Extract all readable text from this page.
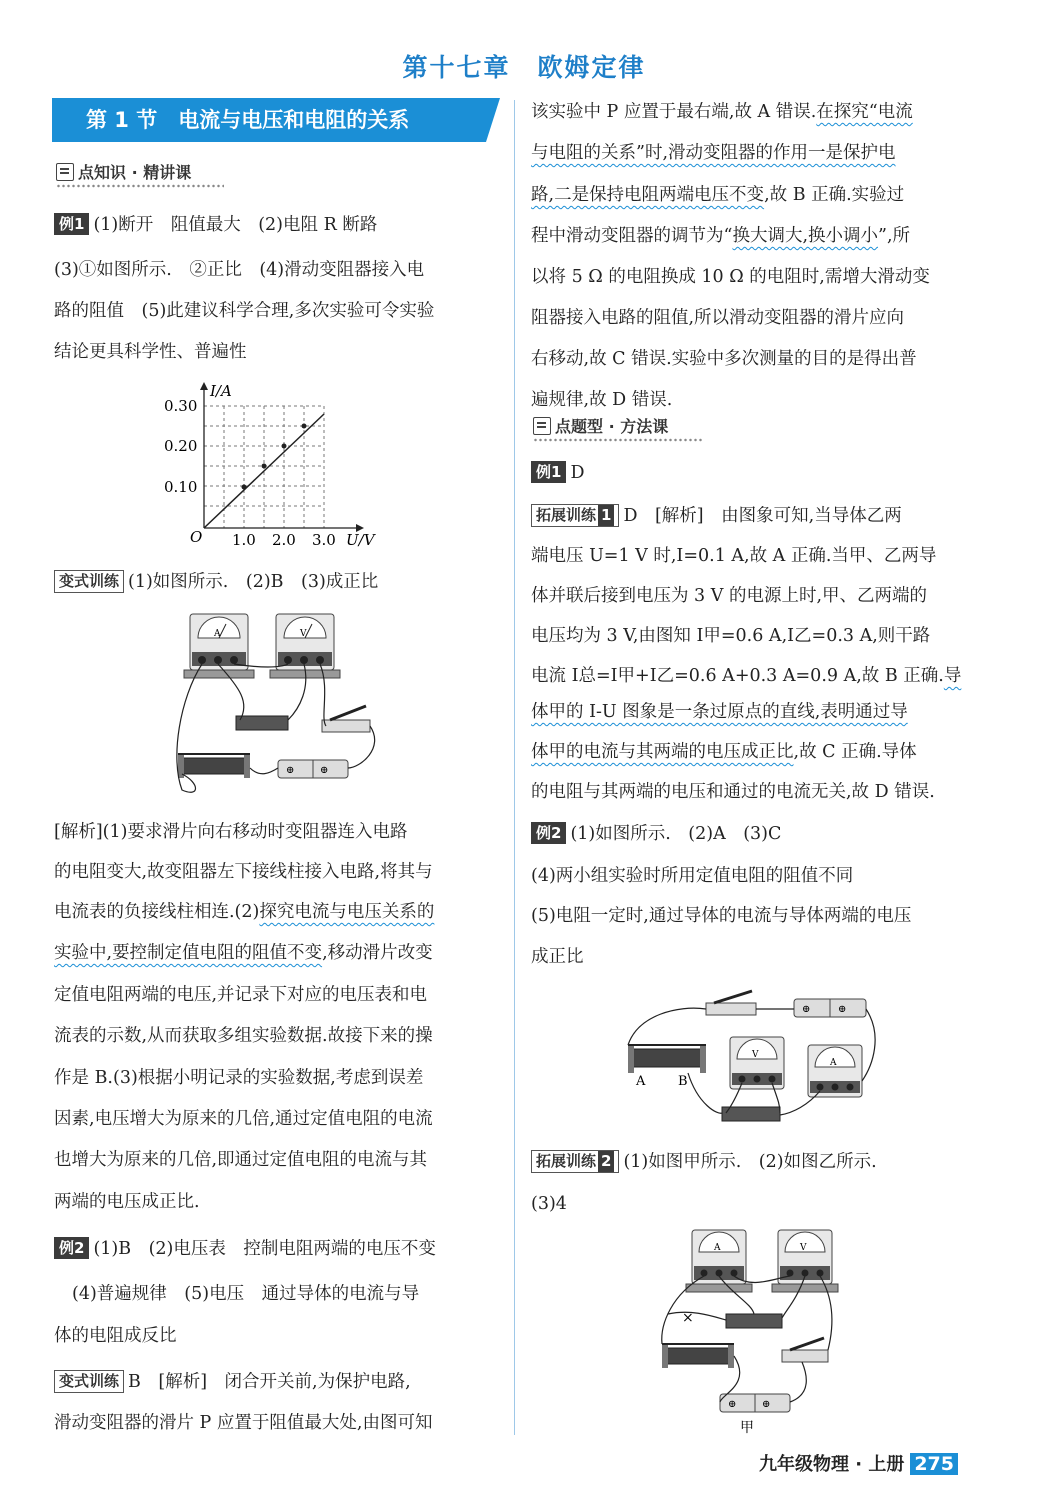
第十七章　欧姆定律
第 1 节　电流与电压和电阻的关系
点知识 · 精讲课
例1 (1)断开　阻值最大　(2)电阻 R 断路
(3)①如图所示.　②正比　(4)滑动变阻器接入电
路的阻值　(5)此建议科学合理,多次实验可令实验
结论更具科学性、普遍性
I/A
0.30
0.20
0.10
O 1.0 2.0 3.0 U/V
变式训练 (1)如图所示.　(2)B　(3)成正比
A	V
⊕	⊕
[解析](1)要求滑片向右移动时变阻器连入电路
的电阻变大,故变阻器左下接线柱接入电路,将其与
电流表的负接线柱相连.(2)探究电流与电压关系的
实验中,要控制定值电阻的阻值不变,移动滑片改变
定值电阻两端的电压,并记录下对应的电压表和电
流表的示数,从而获取多组实验数据.故接下来的操
作是 B.(3)根据小明记录的实验数据,考虑到误差
因素,电压增大为原来的几倍,通过定值电阻的电流
也增大为原来的几倍,即通过定值电阻的电流与其
两端的电压成正比.
例2 (1)B　(2)电压表　控制电阻两端的电压不变
(4)普遍规律　(5)电压　通过导体的电流与导
体的电阻成反比
变式训练 B　 [解析]　 闭合开关前,为保护电路,
滑动变阻器的滑片 P 应置于阻值最大处,由图可知
该实验中 P 应置于最右端,故 A 错误.在探究“电流
与电阻的关系”时,滑动变阻器的作用一是保护电
路,二是保持电阻两端电压不变,故 B 正确.实验过
程中滑动变阻器的调节为“换大调大,换小调小”,所
以将 5 Ω 的电阻换成 10 Ω 的电阻时,需增大滑动变
阻器接入电路的阻值,所以滑动变阻器的滑片应向
右移动,故 C 错误.实验中多次测量的目的是得出普
遍规律,故 D 错误.
点题型 · 方法课
例1 D
拓展训练 1 D　 [解析]　 由图象可知,当导体乙两
端电压 U=1 V 时,I=0.1 A,故 A 正确.当甲、乙两导
体并联后接到电压为 3 V 的电源上时,甲、乙两端的
电压均为 3 V,由图知 I甲=0.6 A,I乙=0.3 A,则干路
电流 I总=I甲+I乙=0.6 A+0.3 A=0.9 A,故 B 正确.导
体甲的 I-U 图象是一条过原点的直线,表明通过导
体甲的电流与其两端的电压成正比,故 C 正确.导体
的电阻与其两端的电压和通过的电流无关,故 D 错误.
例2 (1)如图所示.　(2)A　(3)C
(4)两小组实验时所用定值电阻的阻值不同
(5)电阻一定时,通过导体的电流与导体两端的电压
成正比
⊕	⊕
A	B
V
A
拓展训练 2 (1)如图甲所示.　(2)如图乙所示.
(3)4
A	V
×
⊕	⊕
甲
九年级物理 · 上册 275
